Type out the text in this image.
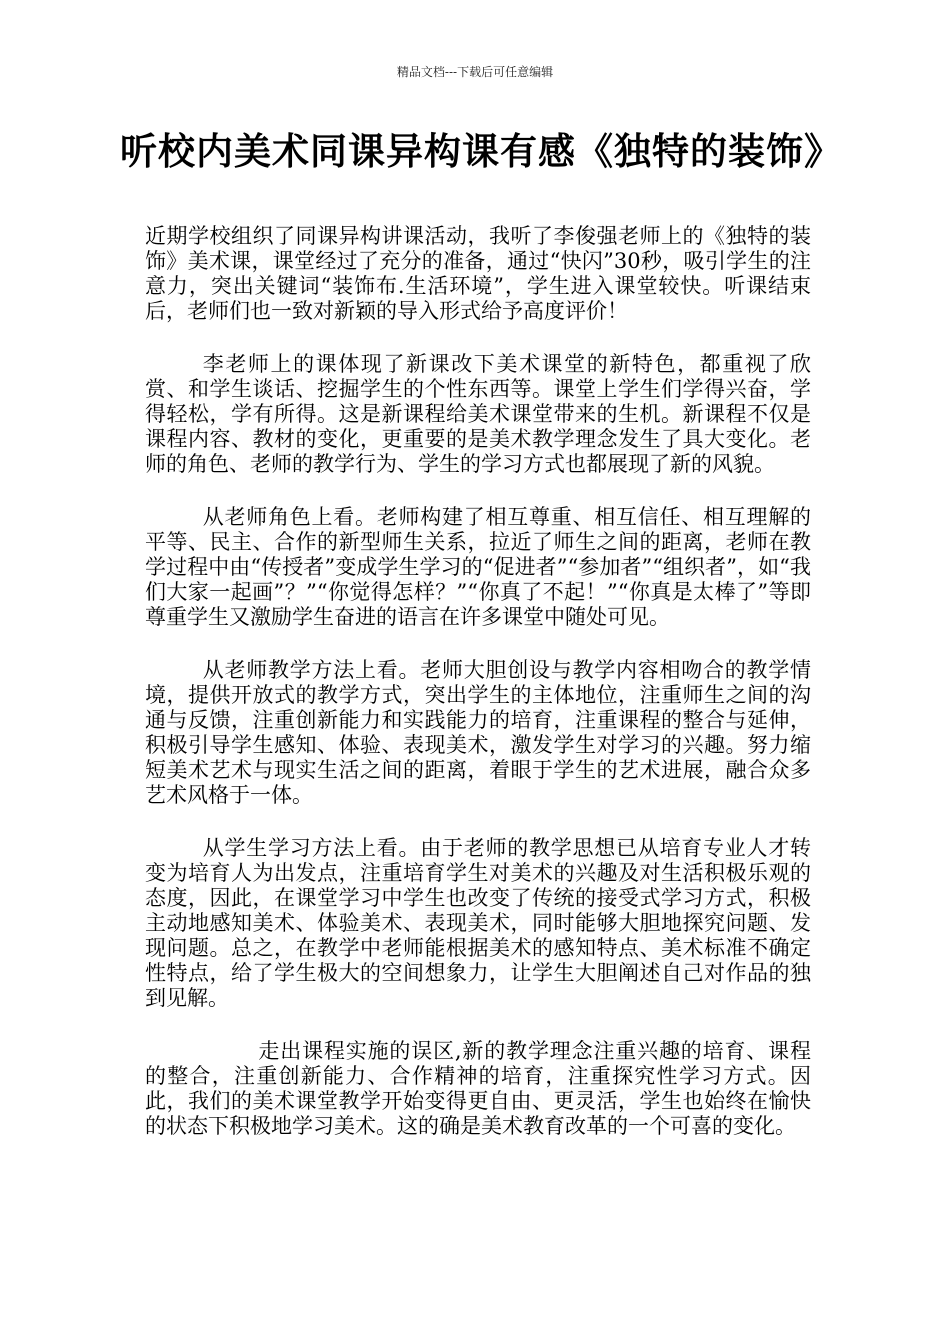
精品文档---下载后可任意编辑
听校内美术同课异构课有感《独特的装饰》

近期学校组织了同课异构讲课活动，我听了李俊强老师上的《独特的装饰》美术课，课堂经过了充分的准备，通过“快闪”30秒，吸引学生的注意力，突出关键词“装饰布.生活环境”，学生进入课堂较快。听课结束后，老师们也一致对新颖的导入形式给予高度评价！

李老师上的课体现了新课改下美术课堂的新特色，都重视了欣赏、和学生谈话、挖掘学生的个性东西等。课堂上学生们学得兴奋，学得轻松，学有所得。这是新课程给美术课堂带来的生机。新课程不仅是课程内容、教材的变化，更重要的是美术教学理念发生了具大变化。老师的角色、老师的教学行为、学生的学习方式也都展现了新的风貌。

从老师角色上看。老师构建了相互尊重、相互信任、相互理解的平等、民主、合作的新型师生关系，拉近了师生之间的距离，老师在教学过程中由“传授者”变成学生学习的“促进者”“参加者”“组织者”，如“我们大家一起画”？”“你觉得怎样？”“你真了不起！”“你真是太棒了”等即尊重学生又激励学生奋进的语言在许多课堂中随处可见。

从老师教学方法上看。老师大胆创设与教学内容相吻合的教学情境，提供开放式的教学方式，突出学生的主体地位，注重师生之间的沟通与反馈，注重创新能力和实践能力的培育，注重课程的整合与延伸，积极引导学生感知、体验、表现美术，激发学生对学习的兴趣。努力缩短美术艺术与现实生活之间的距离，着眼于学生的艺术进展，融合众多艺术风格于一体。

从学生学习方法上看。由于老师的教学思想已从培育专业人才转变为培育人为出发点，注重培育学生对美术的兴趣及对生活积极乐观的态度，因此，在课堂学习中学生也改变了传统的接受式学习方式，积极主动地感知美术、体验美术、表现美术，同时能够大胆地探究问题、发现问题。总之，在教学中老师能根据美术的感知特点、美术标准不确定性特点，给了学生极大的空间想象力，让学生大胆阐述自己对作品的独到见解。

走出课程实施的误区,新的教学理念注重兴趣的培育、课程的整合，注重创新能力、合作精神的培育，注重探究性学习方式。因此，我们的美术课堂教学开始变得更自由、更灵活，学生也始终在愉快的状态下积极地学习美术。这的确是美术教育改革的一个可喜的变化。
